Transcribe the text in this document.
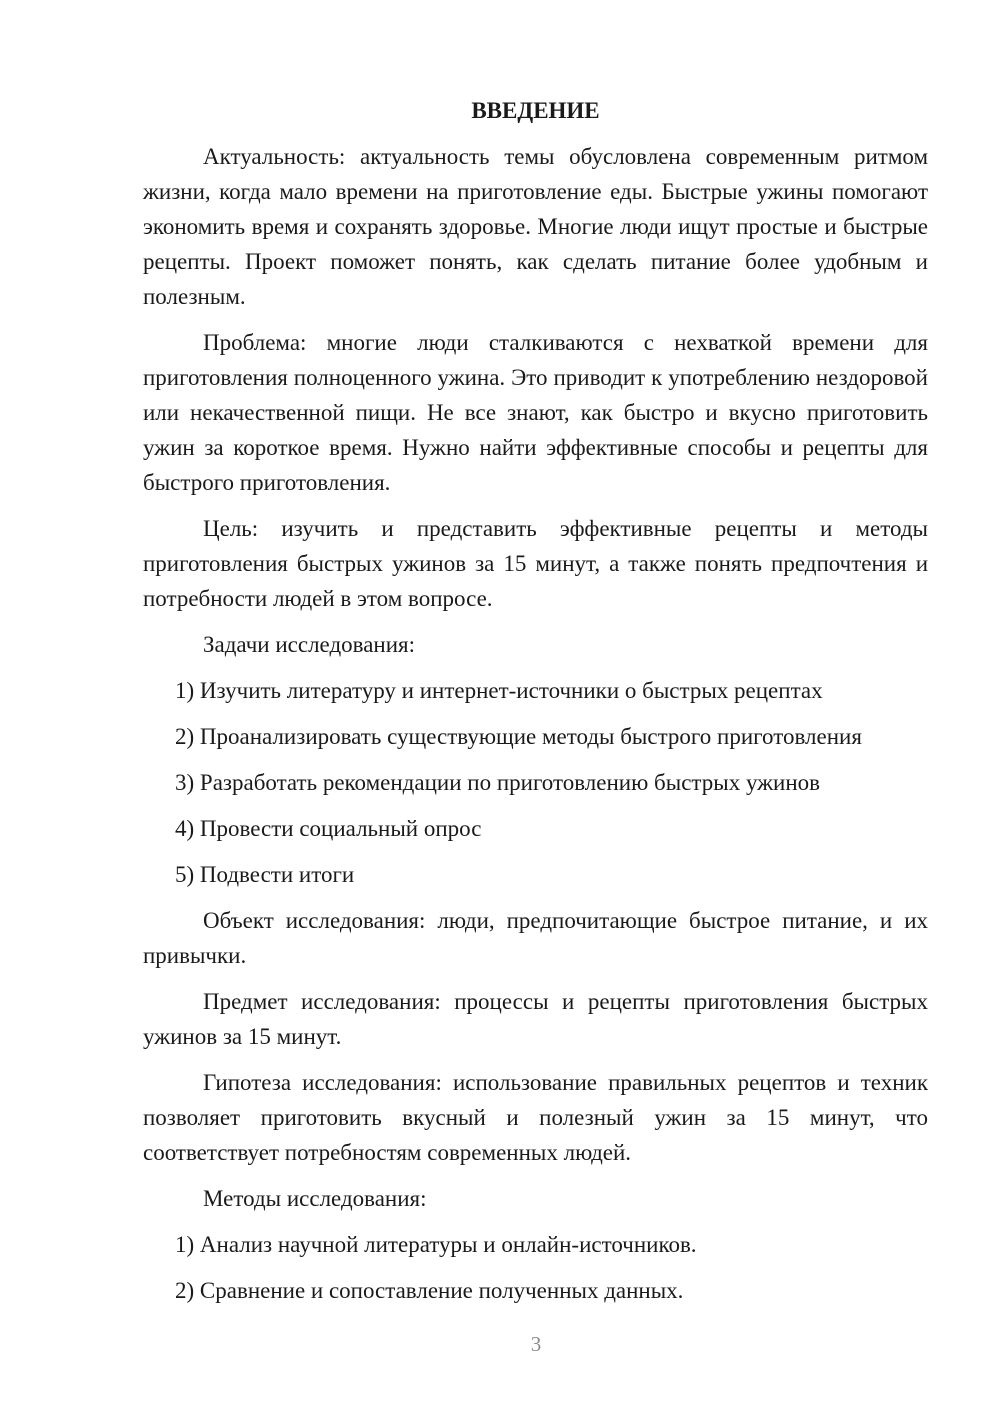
ВВЕДЕНИЕ

Актуальность: актуальность темы обусловлена современным ритмом жизни, когда мало времени на приготовление еды. Быстрые ужины помогают экономить время и сохранять здоровье. Многие люди ищут простые и быстрые рецепты. Проект поможет понять, как сделать питание более удобным и полезным.

Проблема: многие люди сталкиваются с нехваткой времени для приготовления полноценного ужина. Это приводит к употреблению нездоровой или некачественной пищи. Не все знают, как быстро и вкусно приготовить ужин за короткое время. Нужно найти эффективные способы и рецепты для быстрого приготовления.

Цель: изучить и представить эффективные рецепты и методы приготовления быстрых ужинов за 15 минут, а также понять предпочтения и потребности людей в этом вопросе.

Задачи исследования:

1) Изучить литературу и интернет-источники о быстрых рецептах
2) Проанализировать существующие методы быстрого приготовления
3) Разработать рекомендации по приготовлению быстрых ужинов
4) Провести социальный опрос
5) Подвести итоги

Объект исследования: люди, предпочитающие быстрое питание, и их привычки.

Предмет исследования: процессы и рецепты приготовления быстрых ужинов за 15 минут.

Гипотеза исследования: использование правильных рецептов и техник позволяет приготовить вкусный и полезный ужин за 15 минут, что соответствует потребностям современных людей.

Методы исследования:

1) Анализ научной литературы и онлайн-источников.
2) Сравнение и сопоставление полученных данных.
3
